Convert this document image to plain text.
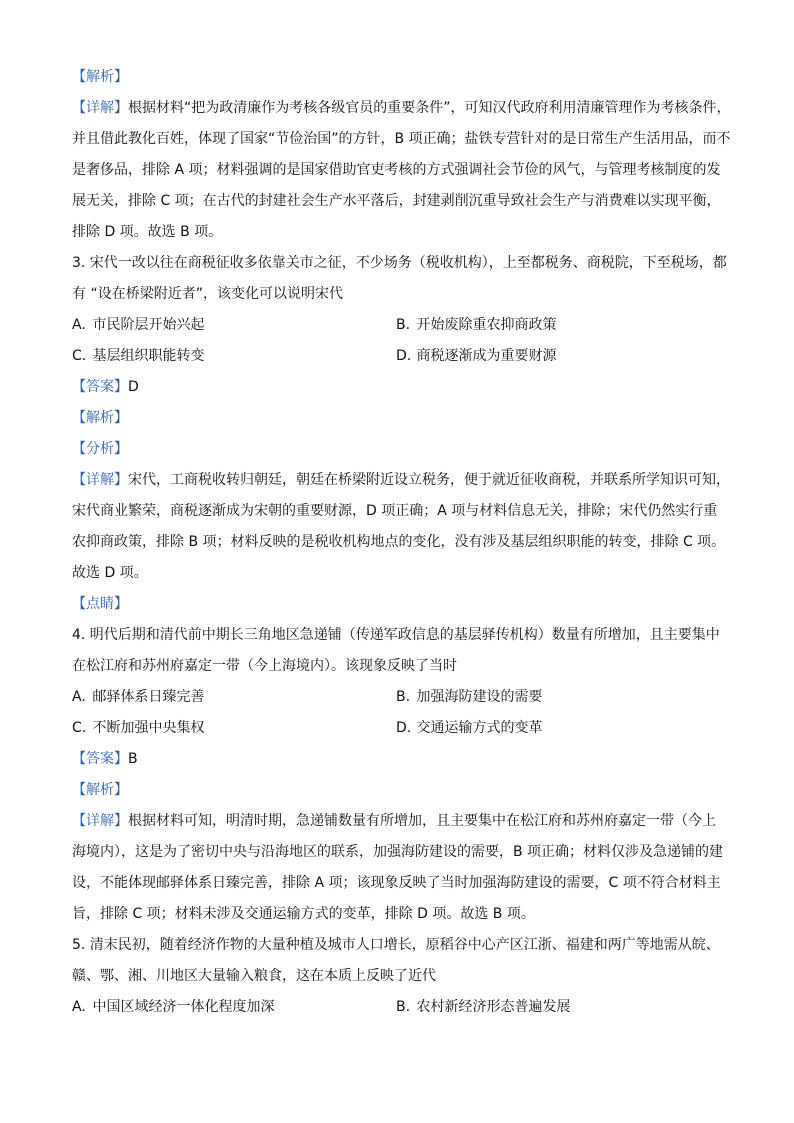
【解析】
【详解】根据材料“把为政清廉作为考核各级官员的重要条件”，可知汉代政府利用清廉管理作为考核条件，
并且借此教化百姓，体现了国家“节俭治国”的方针，B 项正确；盐铁专营针对的是日常生产生活用品，而不
是奢侈品，排除 A 项；材料强调的是国家借助官吏考核的方式强调社会节俭的风气，与管理考核制度的发
展无关，排除 C 项；在古代的封建社会生产水平落后，封建剥削沉重导致社会生产与消费难以实现平衡，
排除 D 项。故选 B 项。
3. 宋代一改以往在商税征收多依靠关市之征，不少场务（税收机构），上至都税务、商税院，下至税场，都
有 “设在桥梁附近者”，该变化可以说明宋代
A. 市民阶层开始兴起	B. 开始废除重农抑商政策
C. 基层组织职能转变	D. 商税逐渐成为重要财源
【答案】D
【解析】
【分析】
【详解】宋代，工商税收转归朝廷，朝廷在桥梁附近设立税务，便于就近征收商税，并联系所学知识可知，
宋代商业繁荣，商税逐渐成为宋朝的重要财源，D 项正确；A 项与材料信息无关，排除；宋代仍然实行重
农抑商政策，排除 B 项；材料反映的是税收机构地点的变化，没有涉及基层组织职能的转变，排除 C 项。
故选 D 项。
【点睛】
4. 明代后期和清代前中期长三角地区急递铺（传递军政信息的基层驿传机构）数量有所增加，且主要集中
在松江府和苏州府嘉定一带（今上海境内）。该现象反映了当时
A. 邮驿体系日臻完善	B. 加强海防建设的需要
C. 不断加强中央集权	D. 交通运输方式的变革
【答案】B
【解析】
【详解】根据材料可知，明清时期，急递铺数量有所增加，且主要集中在松江府和苏州府嘉定一带（今上
海境内），这是为了密切中央与沿海地区的联系，加强海防建设的需要，B 项正确；材料仅涉及急递铺的建
设，不能体现邮驿体系日臻完善，排除 A 项；该现象反映了当时加强海防建设的需要，C 项不符合材料主
旨，排除 C 项；材料未涉及交通运输方式的变革，排除 D 项。故选 B 项。
5. 清末民初，随着经济作物的大量种植及城市人口增长，原稻谷中心产区江浙、福建和两广等地需从皖、
赣、鄂、湘、川地区大量输入粮食，这在本质上反映了近代
A. 中国区域经济一体化程度加深	B. 农村新经济形态普遍发展
